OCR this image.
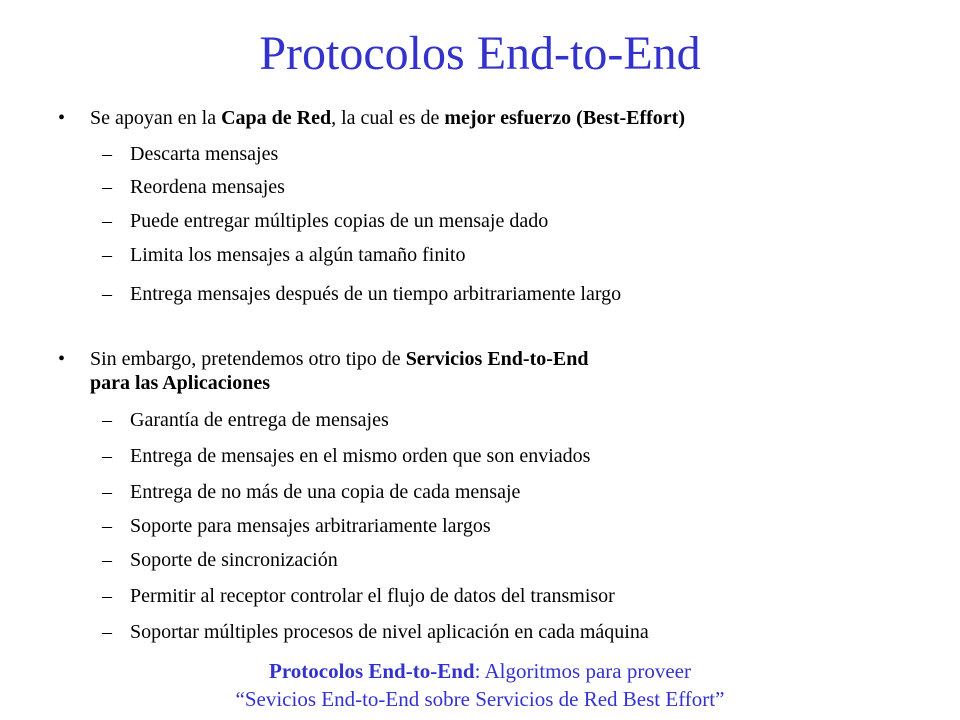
Protocolos End-to-End
• Se apoyan en la Capa de Red, la cual es de mejor esfuerzo (Best-Effort)
– Descarta mensajes
– Reordena mensajes
– Puede entregar múltiples copias de un mensaje dado
– Limita los mensajes a algún tamaño finito
– Entrega mensajes después de un tiempo arbitrariamente largo
• Sin embargo, pretendemos otro tipo de Servicios End-to-End
para las Aplicaciones
– Garantía de entrega de mensajes
– Entrega de mensajes en el mismo orden que son enviados
– Entrega de no más de una copia de cada mensaje
– Soporte para mensajes arbitrariamente largos
– Soporte de sincronización
– Permitir al receptor controlar el flujo de datos del transmisor
– Soportar múltiples procesos de nivel aplicación en cada máquina
Protocolos End-to-End: Algoritmos para proveer
“Sevicios End-to-End sobre Servicios de Red Best Effort”
